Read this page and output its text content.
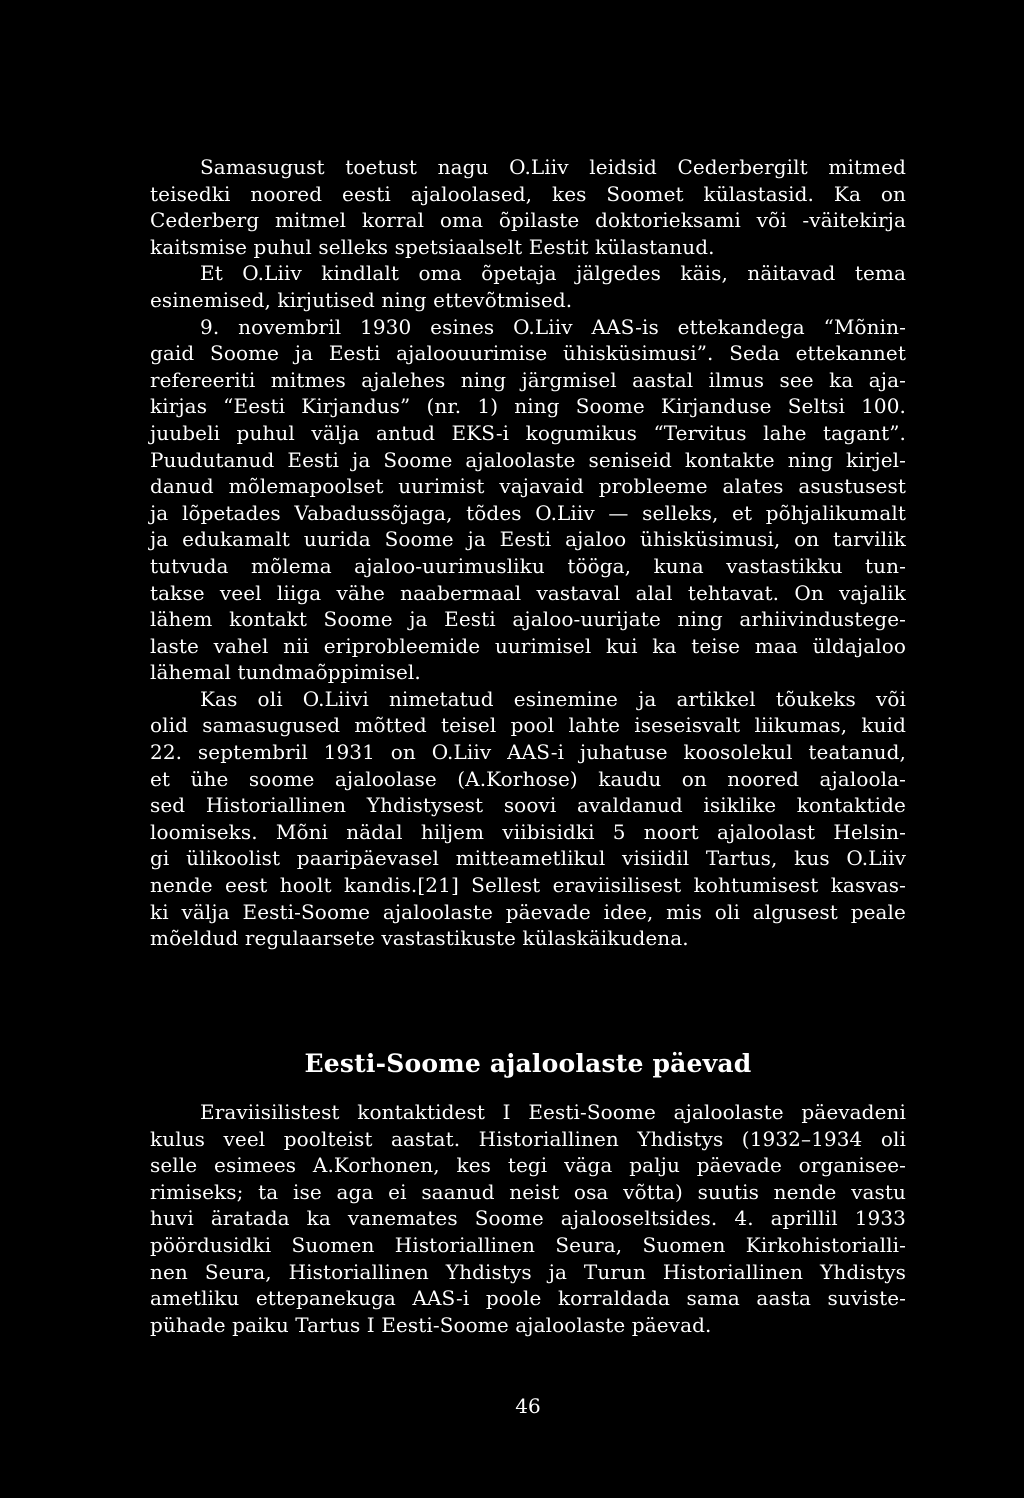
Samasugust toetust nagu O.Liiv leidsid Cederbergilt mitmed
teisedki noored eesti ajaloolased, kes Soomet külastasid. Ka on
Cederberg mitmel korral oma õpilaste doktorieksami või -väitekirja
kaitsmise puhul selleks spetsiaalselt Eestit külastanud.
Et O.Liiv kindlalt oma õpetaja jälgedes käis, näitavad tema
esinemised, kirjutised ning ettevõtmised.
9. novembril 1930 esines O.Liiv AAS-is ettekandega “Mõnin-
gaid Soome ja Eesti ajaloouurimise ühisküsimusi”. Seda ettekannet
refereeriti mitmes ajalehes ning järgmisel aastal ilmus see ka aja-
kirjas “Eesti Kirjandus” (nr. 1) ning Soome Kirjanduse Seltsi 100.
juubeli puhul välja antud EKS-i kogumikus “Tervitus lahe tagant”.
Puudutanud Eesti ja Soome ajaloolaste seniseid kontakte ning kirjel-
danud mõlemapoolset uurimist vajavaid probleeme alates asustusest
ja lõpetades Vabadussõjaga, tõdes O.Liiv — selleks, et põhjalikumalt
ja edukamalt uurida Soome ja Eesti ajaloo ühisküsimusi, on tarvilik
tutvuda mõlema ajaloo-uurimusliku tööga, kuna vastastikku tun-
takse veel liiga vähe naabermaal vastaval alal tehtavat. On vajalik
lähem kontakt Soome ja Eesti ajaloo-uurijate ning arhiivindustege-
laste vahel nii eriprobleemide uurimisel kui ka teise maa üldajaloo
lähemal tundmaõppimisel.
Kas oli O.Liivi nimetatud esinemine ja artikkel tõukeks või
olid samasugused mõtted teisel pool lahte iseseisvalt liikumas, kuid
22. septembril 1931 on O.Liiv AAS-i juhatuse koosolekul teatanud,
et ühe soome ajaloolase (A.Korhose) kaudu on noored ajaloola-
sed Historiallinen Yhdistysest soovi avaldanud isiklike kontaktide
loomiseks. Mõni nädal hiljem viibisidki 5 noort ajaloolast Helsin-
gi ülikoolist paaripäevasel mitteametlikul visiidil Tartus, kus O.Liiv
nende eest hoolt kandis.[21] Sellest eraviisilisest kohtumisest kasvas-
ki välja Eesti-Soome ajaloolaste päevade idee, mis oli algusest peale
mõeldud regulaarsete vastastikuste külaskäikudena.
Eesti-Soome ajaloolaste päevad
Eraviisilistest kontaktidest I Eesti-Soome ajaloolaste päevadeni
kulus veel poolteist aastat. Historiallinen Yhdistys (1932–1934 oli
selle esimees A.Korhonen, kes tegi väga palju päevade organisee-
rimiseks; ta ise aga ei saanud neist osa võtta) suutis nende vastu
huvi äratada ka vanemates Soome ajalooseltsides. 4. aprillil 1933
pöördusidki Suomen Historiallinen Seura, Suomen Kirkohistorialli-
nen Seura, Historiallinen Yhdistys ja Turun Historiallinen Yhdistys
ametliku ettepanekuga AAS-i poole korraldada sama aasta suviste-
pühade paiku Tartus I Eesti-Soome ajaloolaste päevad.
46
